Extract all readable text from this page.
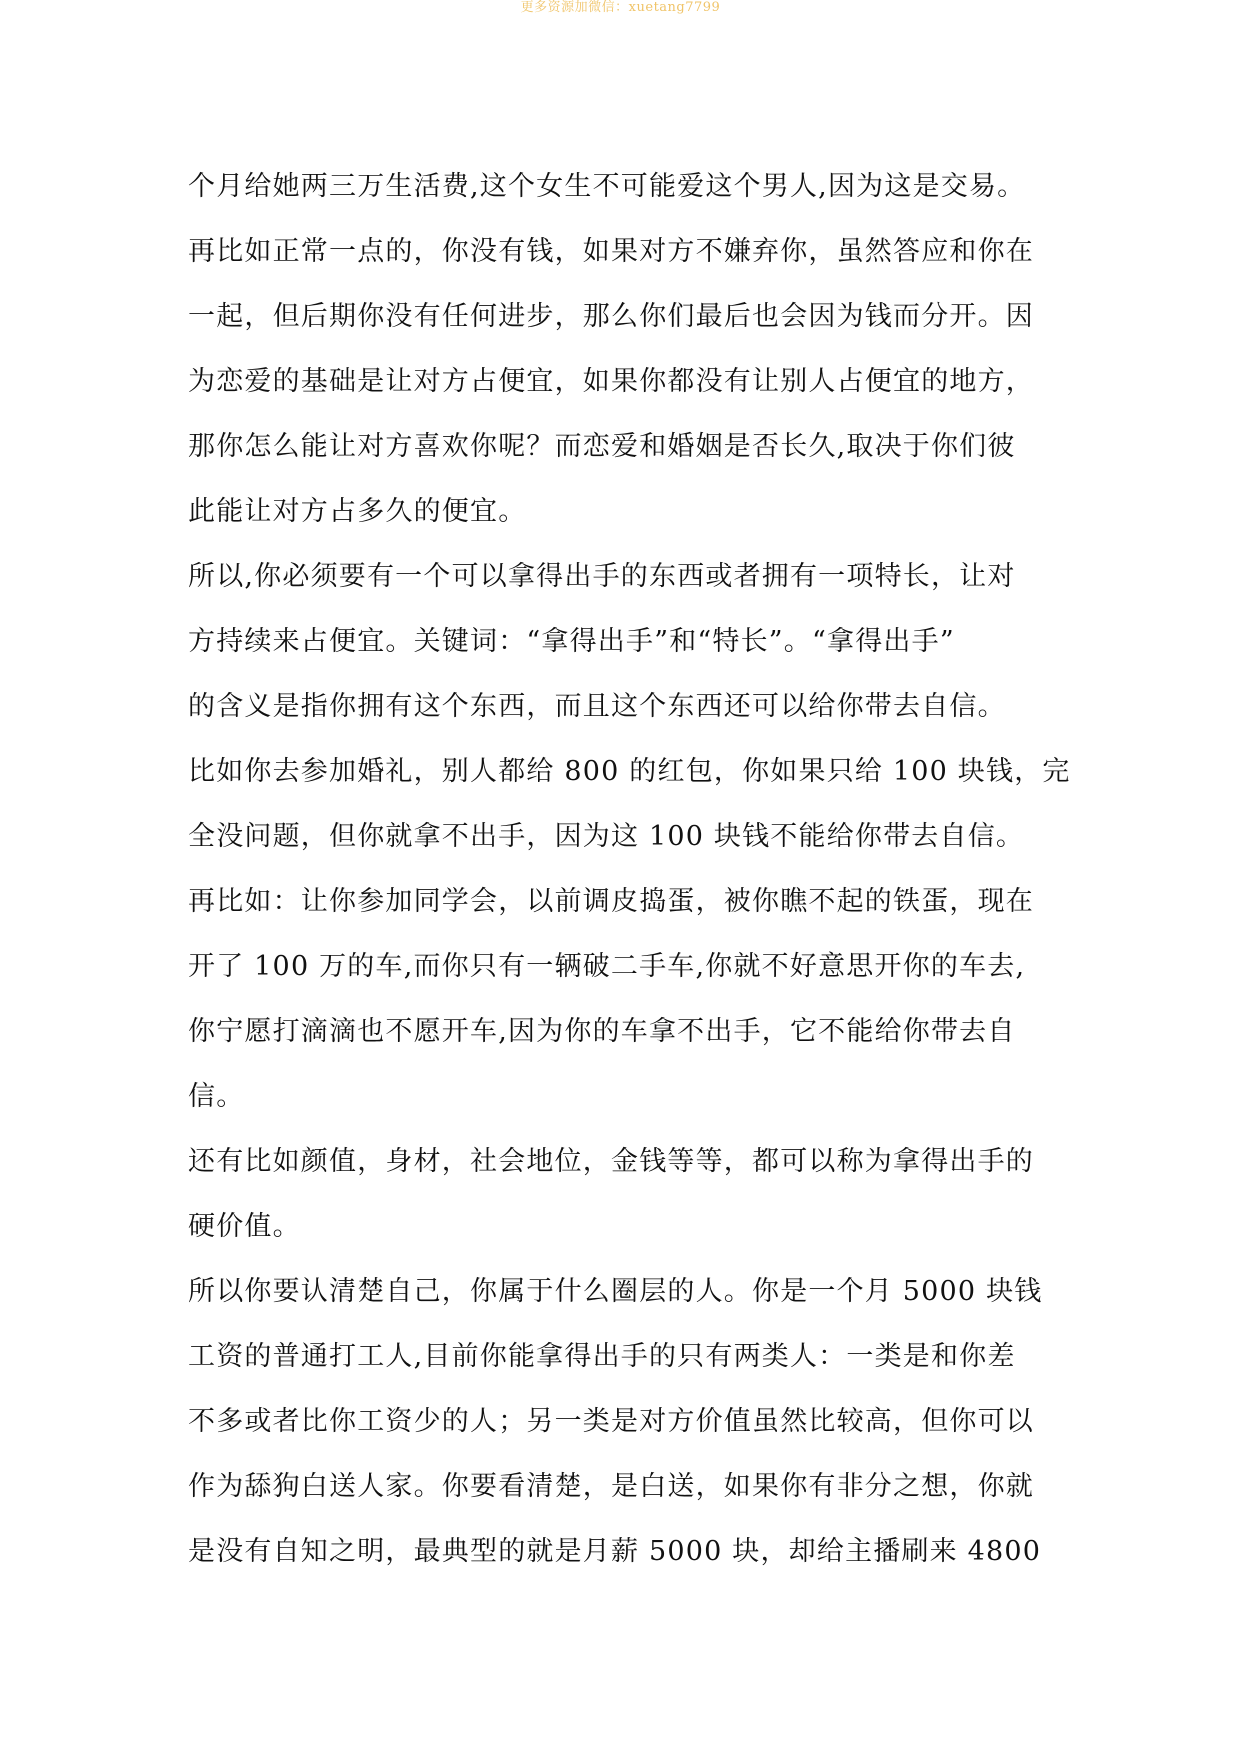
更多资源加微信：xuetang7799

个月给她两三万生活费,这个女生不可能爱这个男人,因为这是交易。

再比如正常一点的，你没有钱，如果对方不嫌弃你，虽然答应和你在
一起，但后期你没有任何进步，那么你们最后也会因为钱而分开。因
为恋爱的基础是让对方占便宜，如果你都没有让别人占便宜的地方，
那你怎么能让对方喜欢你呢？而恋爱和婚姻是否长久,取决于你们彼
此能让对方占多久的便宜。

所以,你必须要有一个可以拿得出手的东西或者拥有一项特长，让对
方持续来占便宜。关键词：“拿得出手”和“特长”。“拿得出手”
的含义是指你拥有这个东西，而且这个东西还可以给你带去自信。

比如你去参加婚礼，别人都给 800 的红包，你如果只给 100 块钱，完
全没问题，但你就拿不出手，因为这 100 块钱不能给你带去自信。

再比如：让你参加同学会，以前调皮捣蛋，被你瞧不起的铁蛋，现在
开了 100 万的车,而你只有一辆破二手车,你就不好意思开你的车去,
你宁愿打滴滴也不愿开车,因为你的车拿不出手，它不能给你带去自
信。

还有比如颜值，身材，社会地位，金钱等等，都可以称为拿得出手的
硬价值。

所以你要认清楚自己，你属于什么圈层的人。你是一个月 5000 块钱
工资的普通打工人,目前你能拿得出手的只有两类人：一类是和你差
不多或者比你工资少的人；另一类是对方价值虽然比较高，但你可以
作为舔狗白送人家。你要看清楚，是白送，如果你有非分之想，你就
是没有自知之明，最典型的就是月薪 5000 块，却给主播刷来 4800
